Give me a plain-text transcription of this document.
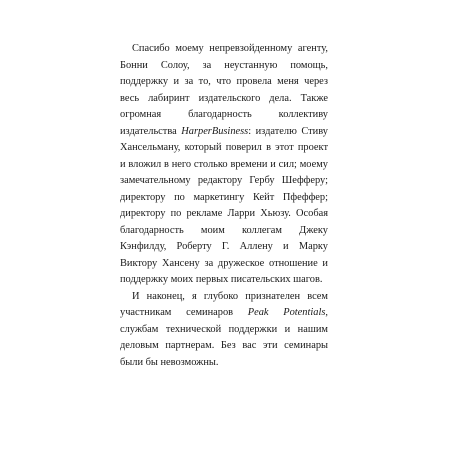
Спасибо моему непревзойденному агенту, Бонни Солоу, за неустанную помощь, поддержку и за то, что провела меня через весь лабиринт издательского дела. Также огромная благодарность коллективу издательства HarperBusiness: издателю Стиву Хансельману, который поверил в этот проект и вложил в него столько времени и сил; моему замечательному редактору Гербу Шефферу; директору по маркетингу Кейт Пфеффер; директору по рекламе Ларри Хьюзу. Особая благодарность моим коллегам Джеку Кэнфилду, Роберту Г. Аллену и Марку Виктору Хансену за дружеское отношение и поддержку моих первых писательских шагов.

И наконец, я глубоко признателен всем участникам семинаров Peak Potentials, службам технической поддержки и нашим деловым партнерам. Без вас эти семинары были бы невозможны.
